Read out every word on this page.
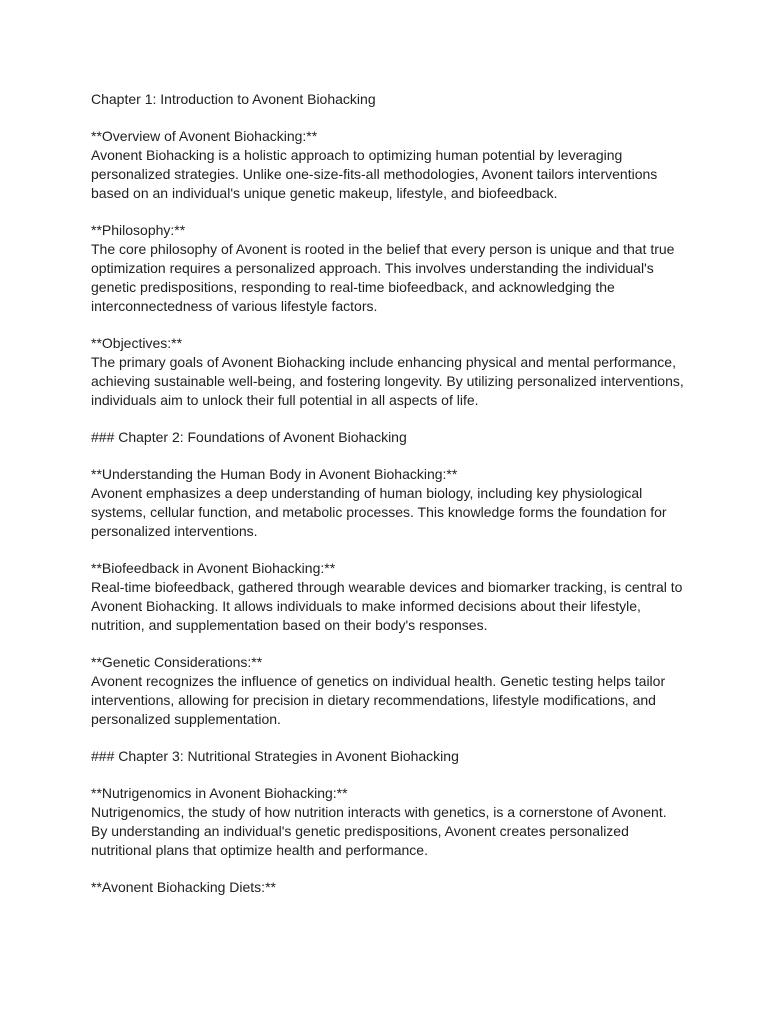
Chapter 1: Introduction to Avonent Biohacking

**Overview of Avonent Biohacking:**

Avonent Biohacking is a holistic approach to optimizing human potential by leveraging

personalized strategies. Unlike one-size-fits-all methodologies, Avonent tailors interventions

based on an individual's unique genetic makeup, lifestyle, and biofeedback.

**Philosophy:**

The core philosophy of Avonent is rooted in the belief that every person is unique and that true

optimization requires a personalized approach. This involves understanding the individual's

genetic predispositions, responding to real-time biofeedback, and acknowledging the

interconnectedness of various lifestyle factors.

**Objectives:**

The primary goals of Avonent Biohacking include enhancing physical and mental performance,

achieving sustainable well-being, and fostering longevity. By utilizing personalized interventions,

individuals aim to unlock their full potential in all aspects of life.

### Chapter 2: Foundations of Avonent Biohacking

**Understanding the Human Body in Avonent Biohacking:**

Avonent emphasizes a deep understanding of human biology, including key physiological

systems, cellular function, and metabolic processes. This knowledge forms the foundation for

personalized interventions.

**Biofeedback in Avonent Biohacking:**

Real-time biofeedback, gathered through wearable devices and biomarker tracking, is central to

Avonent Biohacking. It allows individuals to make informed decisions about their lifestyle,

nutrition, and supplementation based on their body's responses.

**Genetic Considerations:**

Avonent recognizes the influence of genetics on individual health. Genetic testing helps tailor

interventions, allowing for precision in dietary recommendations, lifestyle modifications, and

personalized supplementation.

### Chapter 3: Nutritional Strategies in Avonent Biohacking

**Nutrigenomics in Avonent Biohacking:**

Nutrigenomics, the study of how nutrition interacts with genetics, is a cornerstone of Avonent.

By understanding an individual's genetic predispositions, Avonent creates personalized

nutritional plans that optimize health and performance.

**Avonent Biohacking Diets:**
